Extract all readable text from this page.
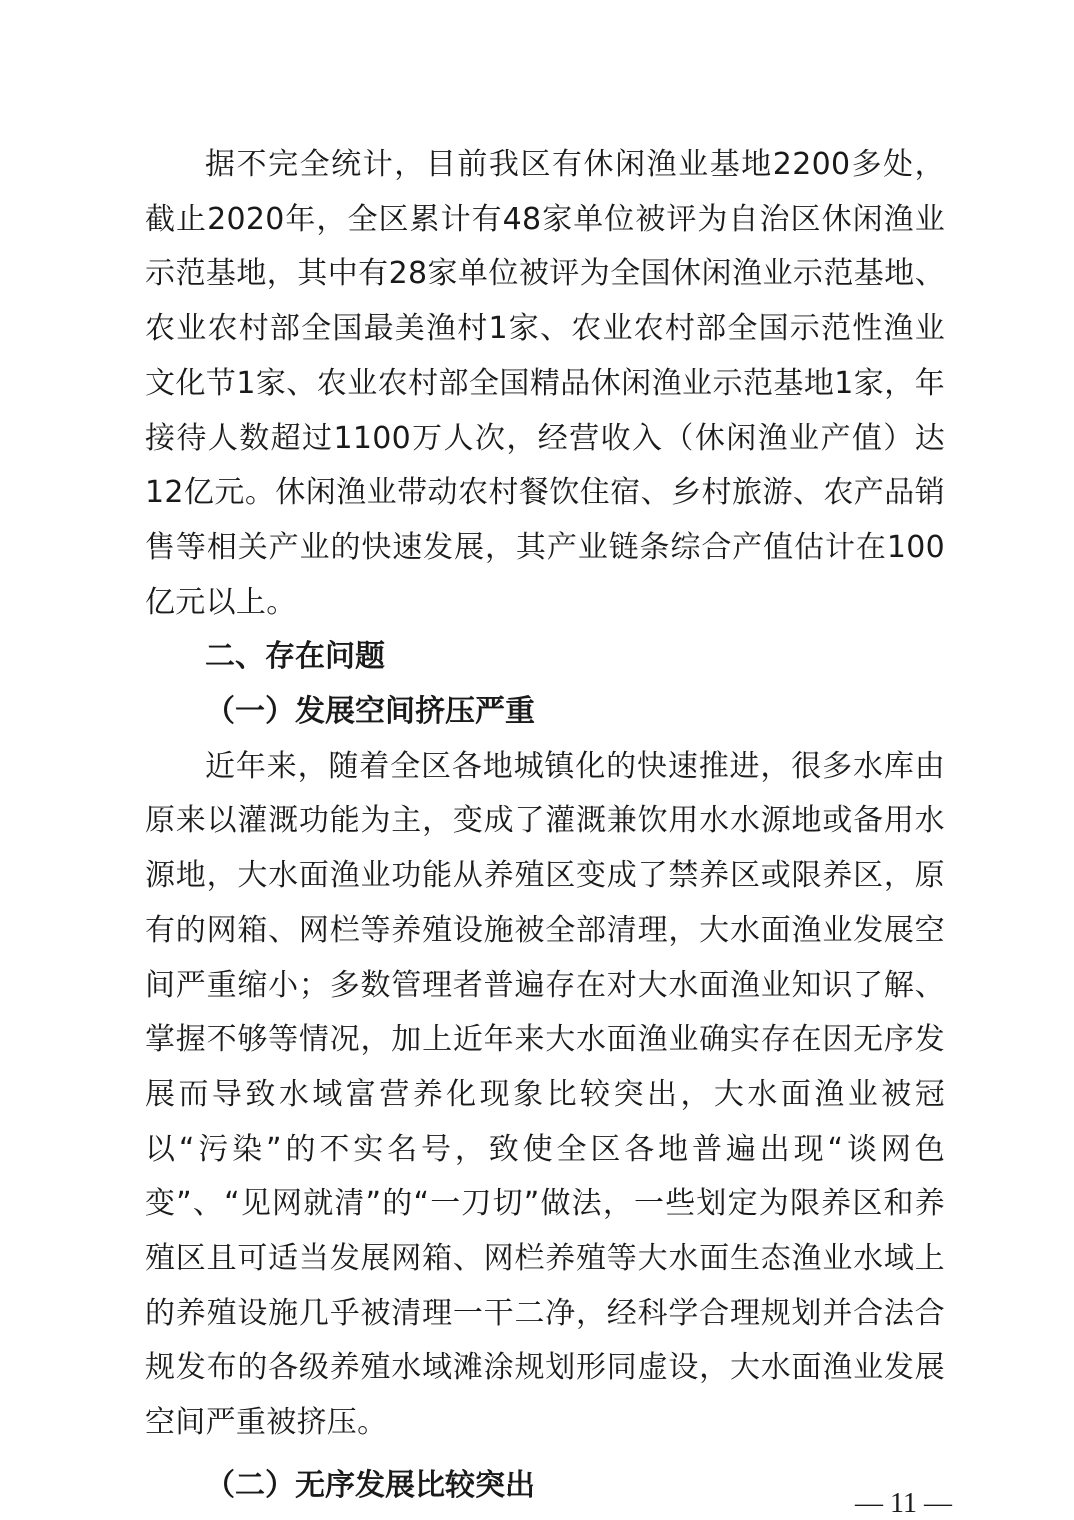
据不完全统计，目前我区有休闲渔业基地2200多处，截止2020年，全区累计有48家单位被评为自治区休闲渔业示范基地，其中有28家单位被评为全国休闲渔业示范基地、农业农村部全国最美渔村1家、农业农村部全国示范性渔业文化节1家、农业农村部全国精品休闲渔业示范基地1家，年接待人数超过1100万人次，经营收入（休闲渔业产值）达12亿元。休闲渔业带动农村餐饮住宿、乡村旅游、农产品销售等相关产业的快速发展，其产业链条综合产值估计在100亿元以上。

二、存在问题

（一）发展空间挤压严重

近年来，随着全区各地城镇化的快速推进，很多水库由原来以灌溉功能为主，变成了灌溉兼饮用水水源地或备用水源地，大水面渔业功能从养殖区变成了禁养区或限养区，原有的网箱、网栏等养殖设施被全部清理，大水面渔业发展空间严重缩小；多数管理者普遍存在对大水面渔业知识了解、掌握不够等情况，加上近年来大水面渔业确实存在因无序发展而导致水域富营养化现象比较突出，大水面渔业被冠以“污染”的不实名号，致使全区各地普遍出现“谈网色变”、“见网就清”的“一刀切”做法，一些划定为限养区和养殖区且可适当发展网箱、网栏养殖等大水面生态渔业水域上的养殖设施几乎被清理一干二净，经科学合理规划并合法合规发布的各级养殖水域滩涂规划形同虚设，大水面渔业发展空间严重被挤压。

（二）无序发展比较突出

— 11 —
